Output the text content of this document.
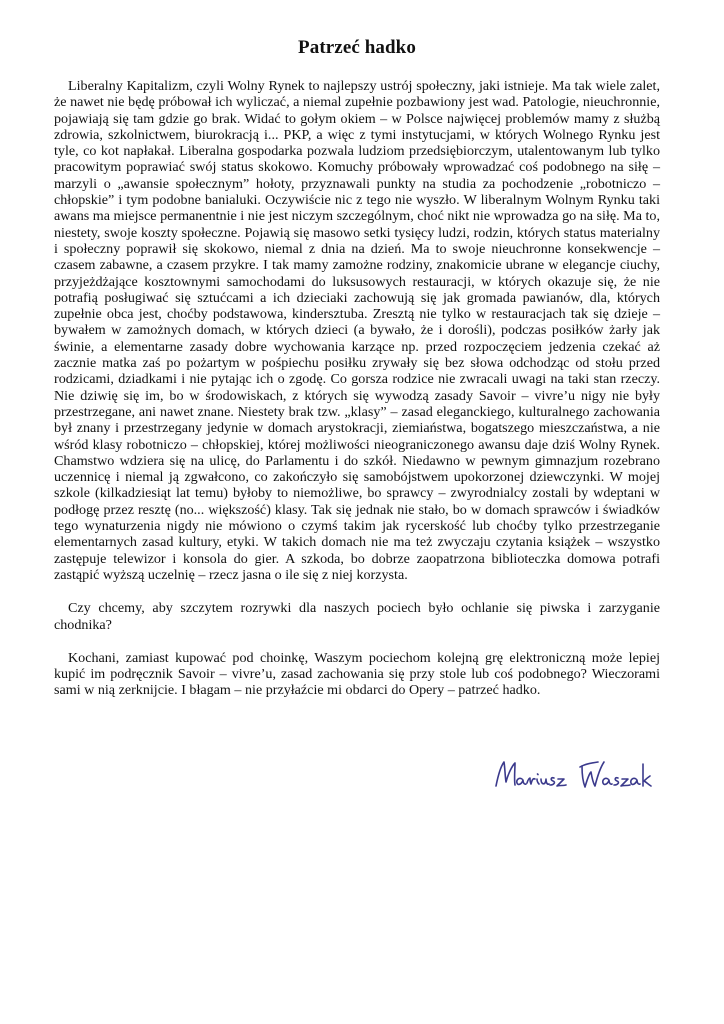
Patrzeć hadko

Liberalny Kapitalizm, czyli Wolny Rynek to najlepszy ustrój społeczny, jaki istnieje. Ma tak wiele zalet, że nawet nie będę próbował ich wyliczać, a niemal zupełnie pozbawiony jest wad. Patologie, nieuchronnie, pojawiają się tam gdzie go brak. Widać to gołym okiem – w Polsce najwięcej problemów mamy z służbą zdrowia, szkolnictwem, biurokracją i... PKP, a więc z tymi instytucjami, w których Wolnego Rynku jest tyle, co kot napłakał. Liberalna gospodarka pozwala ludziom przedsiębiorczym, utalentowanym lub tylko pracowitym poprawiać swój status skokowo. Komuchy próbowały wprowadzać coś podobnego na siłę – marzyli o „awansie społecznym” hołoty, przyznawali punkty na studia za pochodzenie „robotniczo – chłopskie” i tym podobne banialuki. Oczywiście nic z tego nie wyszło. W liberalnym Wolnym Rynku taki awans ma miejsce permanentnie i nie jest niczym szczególnym, choć nikt nie wprowadza go na siłę. Ma to, niestety, swoje koszty społeczne. Pojawią się masowo setki tysięcy ludzi, rodzin, których status materialny i społeczny poprawił się skokowo, niemal z dnia na dzień. Ma to swoje nieuchronne konsekwencje – czasem zabawne, a czasem przykre. I tak mamy zamożne rodziny, znakomicie ubrane w elegancje ciuchy, przyjeżdżające kosztownymi samochodami do luksusowych restauracji, w których okazuje się, że nie potrafią posługiwać się sztućcami a ich dzieciaki zachowują się jak gromada pawianów, dla, których zupełnie obca jest, choćby podstawowa, kindersztuba. Zresztą nie tylko w restauracjach tak się dzieje – bywałem w zamożnych domach, w których dzieci (a bywało, że i dorośli), podczas posiłków żarły jak świnie, a elementarne zasady dobre wychowania karzące np. przed rozpoczęciem jedzenia czekać aż zacznie matka zaś po pożartym w pośpiechu posiłku zrywały się bez słowa odchodząc od stołu przed rodzicami, dziadkami i nie pytając ich o zgodę. Co gorsza rodzice nie zwracali uwagi na taki stan rzeczy. Nie dziwię się im, bo w środowiskach, z których się wywodzą zasady Savoir – vivre’u nigy nie były przestrzegane, ani nawet znane. Niestety brak tzw. „klasy” – zasad eleganckiego, kulturalnego zachowania był znany i przestrzegany jedynie w domach arystokracji, ziemiaństwa, bogatszego mieszczaństwa, a nie wśród klasy robotniczo – chłopskiej, której możliwości nieograniczonego awansu daje dziś Wolny Rynek. Chamstwo wdziera się na ulicę, do Parlamentu i do szkół. Niedawno w pewnym gimnazjum rozebrano uczennicę i niemal ją zgwałcono, co zakończyło się samobójstwem upokorzonej dziewczynki. W mojej szkole (kilkadziesiąt lat temu) byłoby to niemożliwe, bo sprawcy – zwyrodnialcy zostali by wdeptani w podłogę przez resztę (no... większość) klasy. Tak się jednak nie stało, bo w domach sprawców i świadków tego wynaturzenia nigdy nie mówiono o czymś takim jak rycerskość lub choćby tylko przestrzeganie elementarnych zasad kultury, etyki. W takich domach nie ma też zwyczaju czytania książek – wszystko zastępuje telewizor i konsola do gier. A szkoda, bo dobrze zaopatrzona biblioteczka domowa potrafi zastąpić wyższą uczelnię – rzecz jasna o ile się z niej korzysta.

Czy chcemy, aby szczytem rozrywki dla naszych pociech było ochlanie się piwska i zarzyganie chodnika?

Kochani, zamiast kupować pod choinkę, Waszym pociechom kolejną grę elektroniczną może lepiej kupić im podręcznik Savoir – vivre’u, zasad zachowania się przy stole lub coś podobnego? Wieczorami sami w nią zerknijcie. I błagam – nie przyłaźcie mi obdarci do Opery – patrzeć hadko.
